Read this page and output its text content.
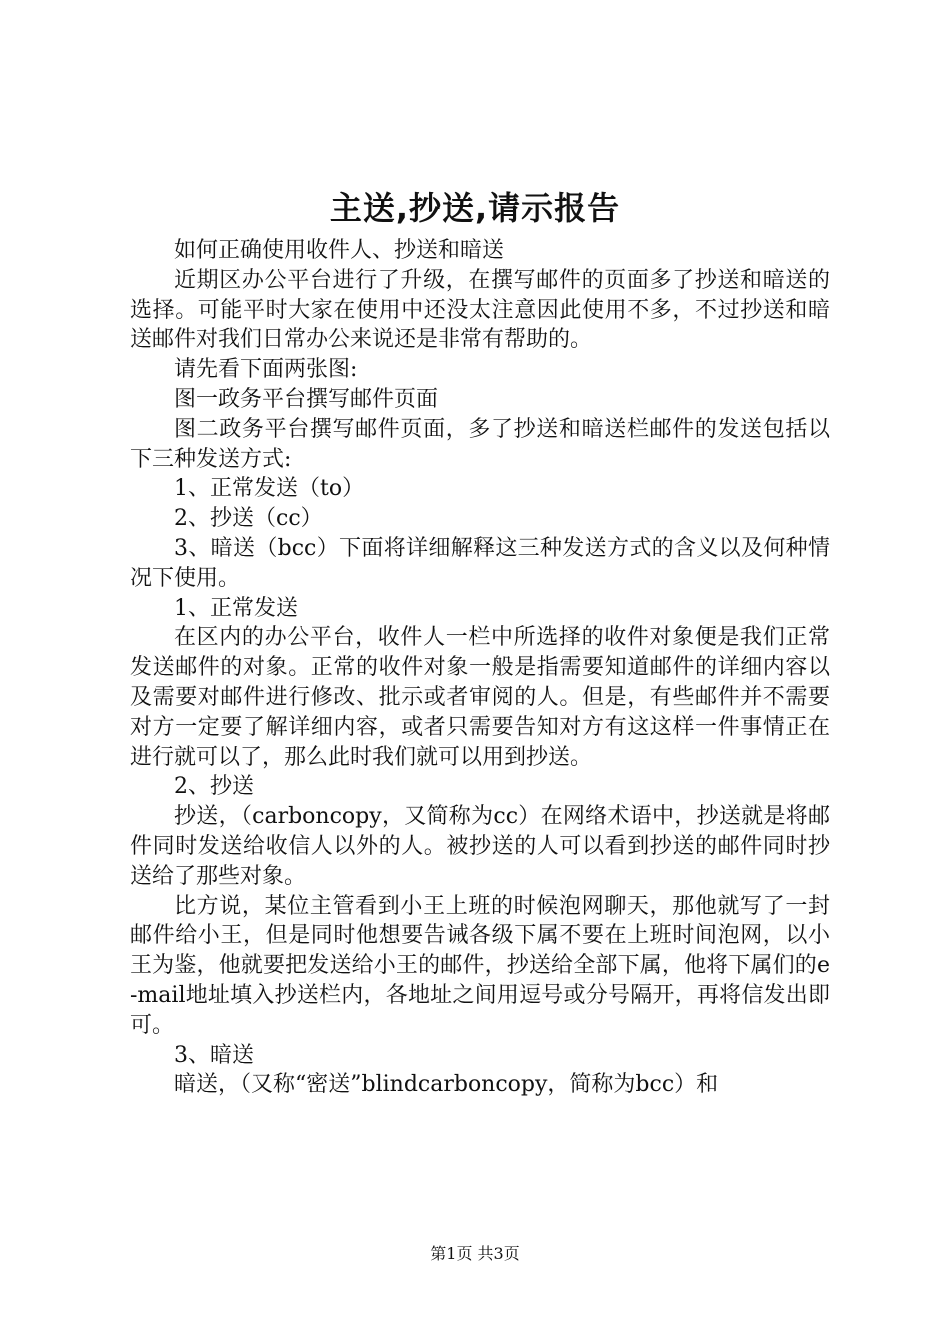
主送,抄送,请示报告

如何正确使用收件人、抄送和暗送

近期区办公平台进行了升级，在撰写邮件的页面多了抄送和暗送的选择。可能平时大家在使用中还没太注意因此使用不多，不过抄送和暗送邮件对我们日常办公来说还是非常有帮助的。

请先看下面两张图:

图一政务平台撰写邮件页面

图二政务平台撰写邮件页面，多了抄送和暗送栏邮件的发送包括以下三种发送方式:

1、正常发送（to）

2、抄送（cc）

3、暗送（bcc）下面将详细解释这三种发送方式的含义以及何种情况下使用。

1、正常发送

在区内的办公平台，收件人一栏中所选择的收件对象便是我们正常发送邮件的对象。正常的收件对象一般是指需要知道邮件的详细内容以及需要对邮件进行修改、批示或者审阅的人。但是，有些邮件并不需要对方一定要了解详细内容，或者只需要告知对方有这这样一件事情正在进行就可以了，那么此时我们就可以用到抄送。

2、抄送

抄送，（carboncopy，又简称为cc）在网络术语中，抄送就是将邮件同时发送给收信人以外的人。被抄送的人可以看到抄送的邮件同时抄送给了那些对象。

比方说，某位主管看到小王上班的时候泡网聊天，那他就写了一封邮件给小王，但是同时他想要告诫各级下属不要在上班时间泡网，以小王为鉴，他就要把发送给小王的邮件，抄送给全部下属，他将下属们的e-mail地址填入抄送栏内，各地址之间用逗号或分号隔开，再将信发出即可。

3、暗送

暗送，（又称“密送”blindcarboncopy，简称为bcc）和

第1页 共3页
